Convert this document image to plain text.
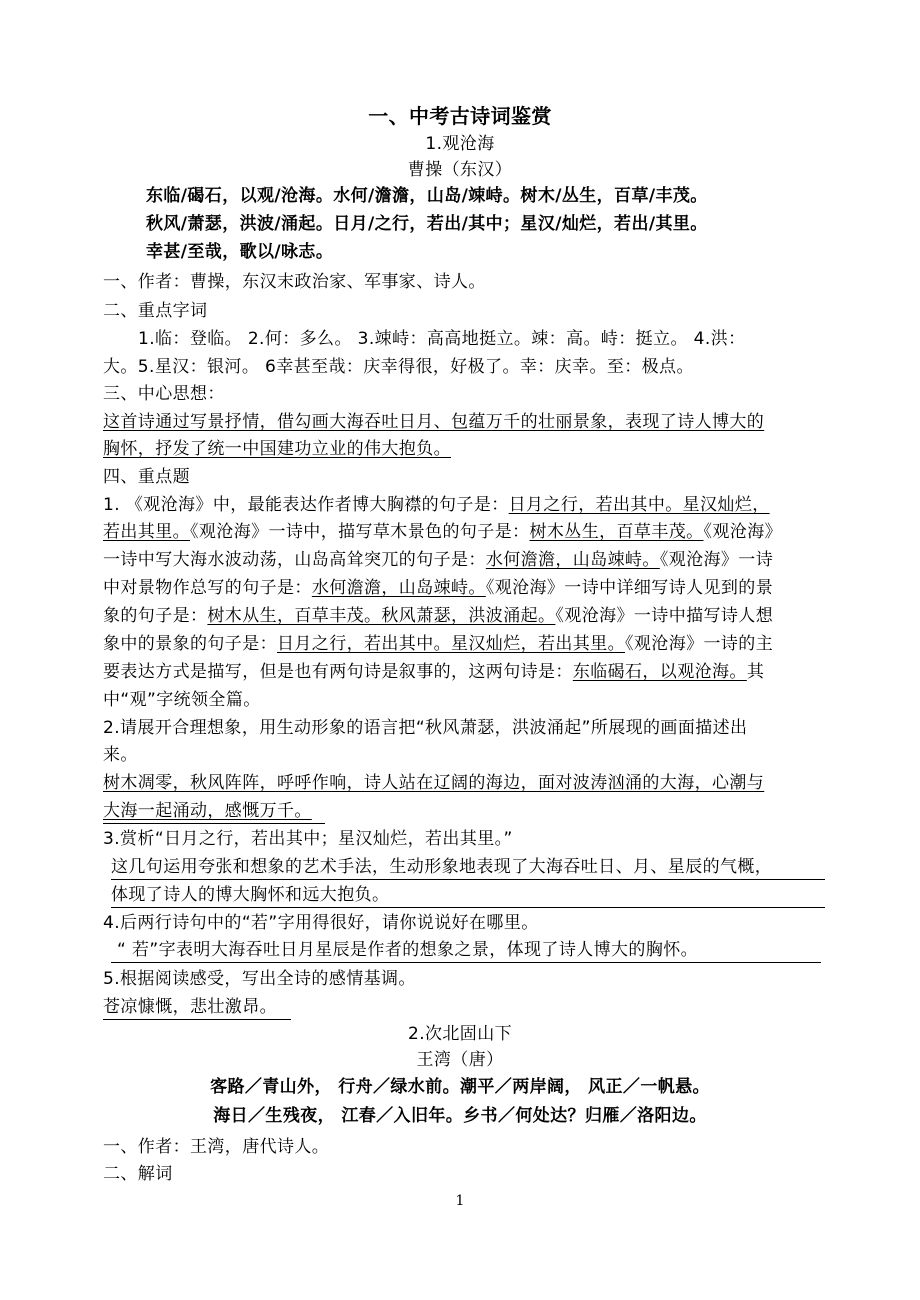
一、中考古诗词鉴赏
1.观沧海
曹操（东汉）
东临/碣石，以观/沧海。水何/澹澹，山岛/竦峙。树木/丛生，百草/丰茂。
秋风/萧瑟，洪波/涌起。日月/之行，若出/其中；星汉/灿烂，若出/其里。
幸甚/至哉，歌以/咏志。
一、作者：曹操，东汉末政治家、军事家、诗人。
二、重点字词
1.临：登临。 2.何：多么。 3.竦峙：高高地挺立。竦：高。峙：挺立。 4.洪：
大。5.星汉：银河。 6幸甚至哉：庆幸得很，好极了。幸：庆幸。至：极点。
三、中心思想：
这首诗通过写景抒情，借勾画大海吞吐日月、包蕴万千的壮丽景象，表现了诗人博大的
胸怀，抒发了统一中国建功立业的伟大抱负。
四、重点题
1. 《观沧海》中，最能表达作者博大胸襟的句子是：日月之行，若出其中。星汉灿烂，
若出其里。《观沧海》一诗中，描写草木景色的句子是：树木丛生，百草丰茂。《观沧海》
一诗中写大海水波动荡，山岛高耸突兀的句子是：水何澹澹，山岛竦峙。《观沧海》一诗
中对景物作总写的句子是：水何澹澹，山岛竦峙。《观沧海》一诗中详细写诗人见到的景
象的句子是：树木从生，百草丰茂。秋风萧瑟，洪波涌起。《观沧海》一诗中描写诗人想
象中的景象的句子是：日月之行，若出其中。星汉灿烂，若出其里。《观沧海》一诗的主
要表达方式是描写，但是也有两句诗是叙事的，这两句诗是：东临碣石，以观沧海。其
中“观”字统领全篇。
2.请展开合理想象，用生动形象的语言把“秋风萧瑟，洪波涌起”所展现的画面描述出
来。
树木凋零，秋风阵阵，呼呼作响，诗人站在辽阔的海边，面对波涛汹涌的大海，心潮与
大海一起涌动，感慨万千。
3.赏析“日月之行，若出其中；星汉灿烂，若出其里。”
这几句运用夸张和想象的艺术手法，生动形象地表现了大海吞吐日、月、星辰的气概，
体现了诗人的博大胸怀和远大抱负。
4.后两行诗句中的“若”字用得很好，请你说说好在哪里。
“ 若”字表明大海吞吐日月星辰是作者的想象之景，体现了诗人博大的胸怀。
5.根据阅读感受，写出全诗的感情基调。
苍凉慷慨，悲壮激昂。
2.次北固山下
王湾（唐）
客路／青山外， 行舟／绿水前。潮平／两岸阔， 风正／一帆悬。
海日／生残夜， 江春／入旧年。乡书／何处达？归雁／洛阳边。
一、作者：王湾，唐代诗人。
二、解词
1
